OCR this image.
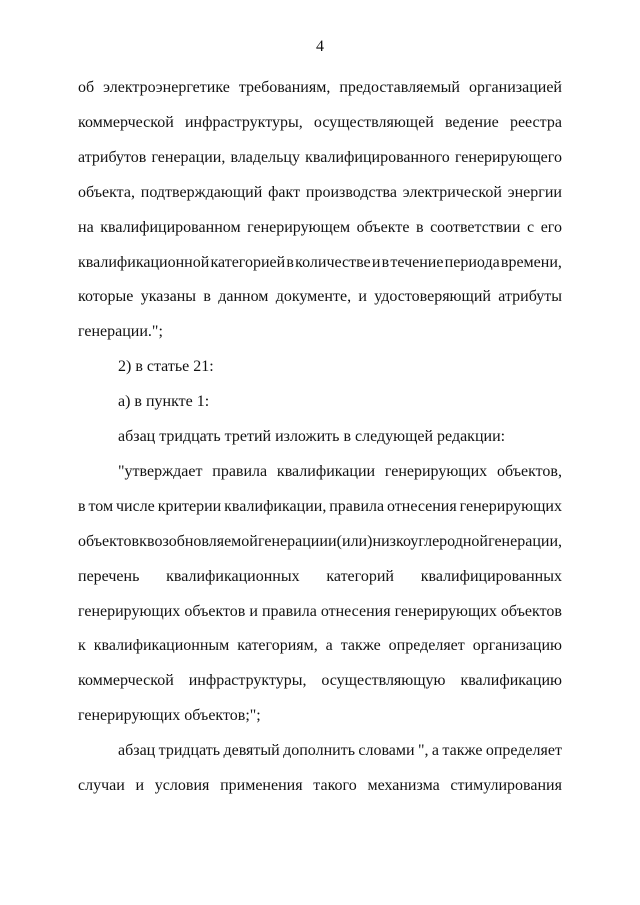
4
об электроэнергетике требованиям, предоставляемый организацией
коммерческой инфраструктуры, осуществляющей ведение реестра
атрибутов генерации, владельцу квалифицированного генерирующего
объекта, подтверждающий факт производства электрической энергии
на квалифицированном генерирующем объекте в соответствии с его
квалификационной категорией в количестве и в течение периода времени,
которые указаны в данном документе, и удостоверяющий атрибуты
генерации.";
2) в статье 21:
а) в пункте 1:
абзац тридцать третий изложить в следующей редакции:
"утверждает правила квалификации генерирующих объектов,
в том числе критерии квалификации, правила отнесения генерирующих
объектов к возобновляемой генерации и (или) низкоуглеродной генерации,
перечень квалификационных категорий квалифицированных
генерирующих объектов и правила отнесения генерирующих объектов
к квалификационным категориям, а также определяет организацию
коммерческой инфраструктуры, осуществляющую квалификацию
генерирующих объектов;";
абзац тридцать девятый дополнить словами ", а также определяет
случаи и условия применения такого механизма стимулирования
